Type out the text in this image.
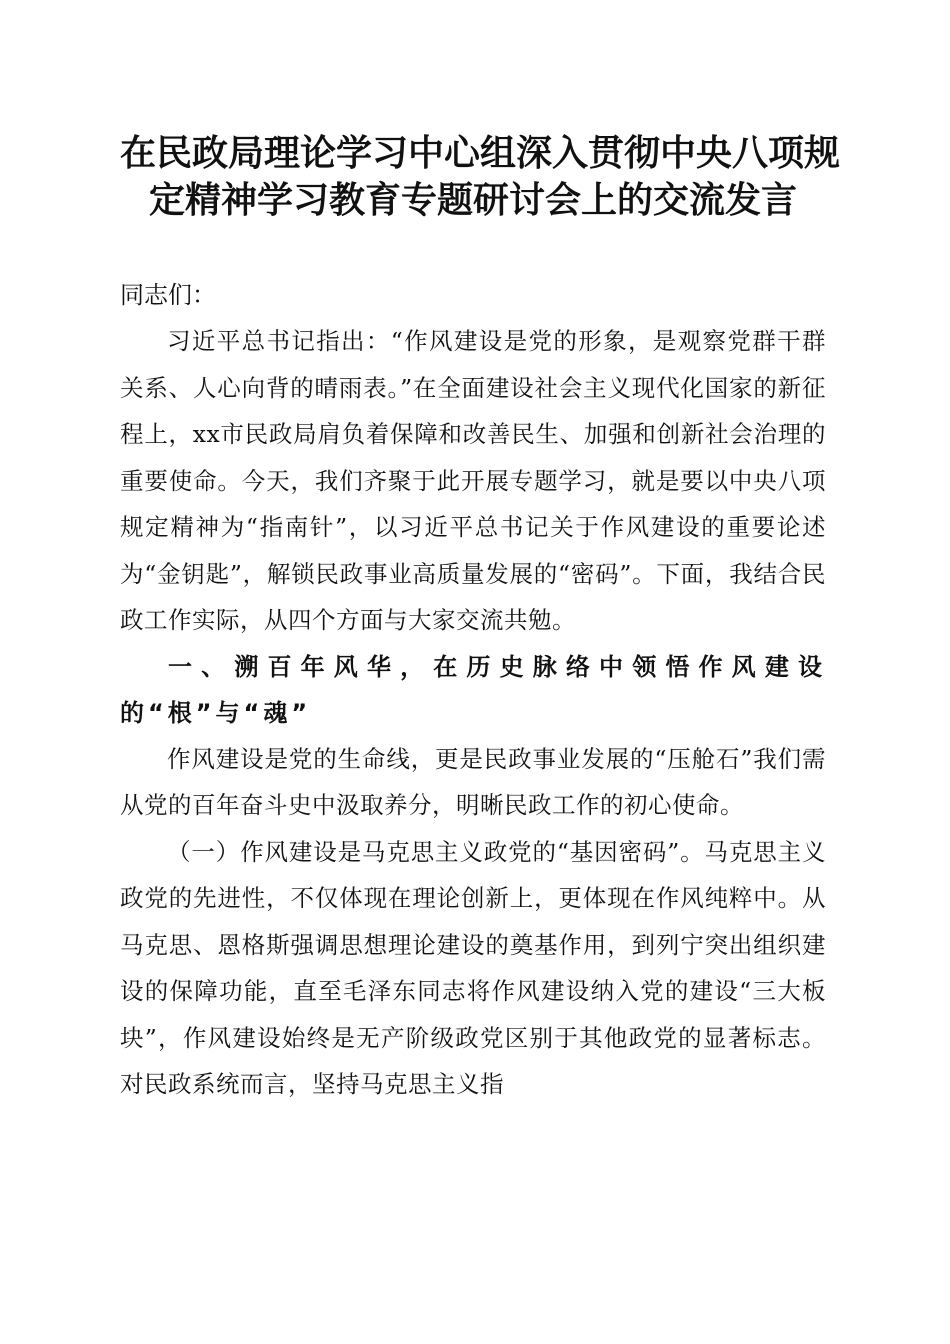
在民政局理论学习中心组深入贯彻中央八项规
定精神学习教育专题研讨会上的交流发言

同志们：

习近平总书记指出：“作风建设是党的形象，是观察党群干群关系、人心向背的晴雨表。”在全面建设社会主义现代化国家的新征程上，xx市民政局肩负着保障和改善民生、加强和创新社会治理的重要使命。今天，我们齐聚于此开展专题学习，就是要以中央八项规定精神为“指南针”，以习近平总书记关于作风建设的重要论述为“金钥匙”，解锁民政事业高质量发展的“密码”。下面，我结合民政工作实际，从四个方面与大家交流共勉。

一、溯百年风华，在历史脉络中领悟作风建设的“根”与“魂”

作风建设是党的生命线，更是民政事业发展的“压舱石”我们需从党的百年奋斗史中汲取养分，明晰民政工作的初心使命。

（一）作风建设是马克思主义政党的“基因密码”。马克思主义政党的先进性，不仅体现在理论创新上，更体现在作风纯粹中。从马克思、恩格斯强调思想理论建设的奠基作用，到列宁突出组织建设的保障功能，直至毛泽东同志将作风建设纳入党的建设“三大板块”，作风建设始终是无产阶级政党区别于其他政党的显著标志。对民政系统而言，坚持马克思主义指
